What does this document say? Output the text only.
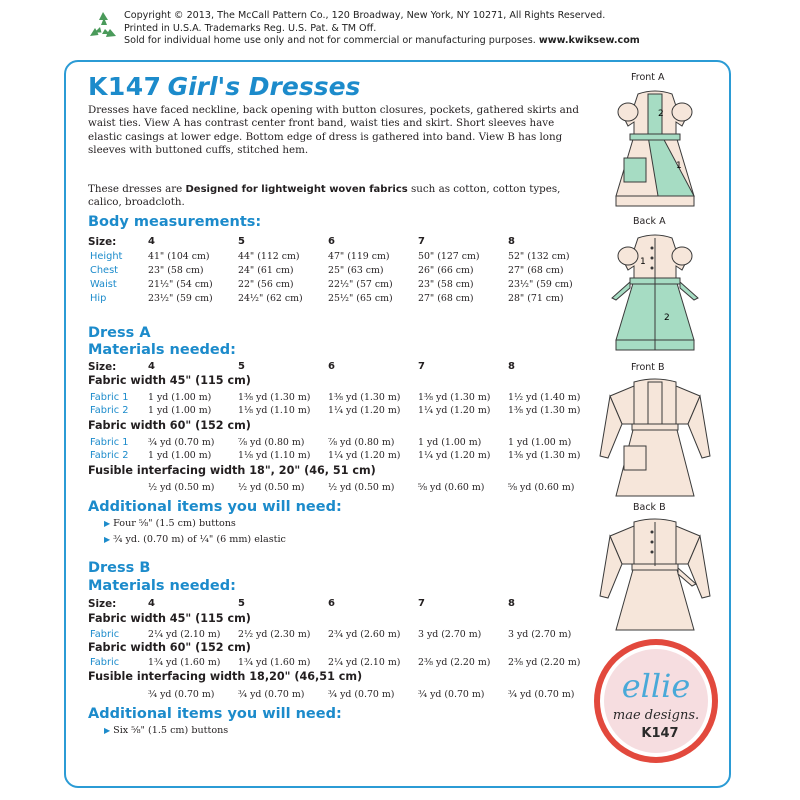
Copyright © 2013, The McCall Pattern Co., 120 Broadway, New York, NY 10271, All Rights Reserved.
Printed in U.S.A. Trademarks Reg. U.S. Pat. & TM Off.
Sold for individual home use only and not for commercial or manufacturing purposes. www.kwiksew.com
K147 Girl's Dresses
Dresses have faced neckline, back opening with button closures, pockets, gathered skirts and waist ties. View A has contrast center front band, waist ties and skirt. Short sleeves have elastic casings at lower edge. Bottom edge of dress is gathered into band. View B has long sleeves with buttoned cuffs, stitched hem.
These dresses are Designed for lightweight woven fabrics such as cotton, cotton types, calico, broadcloth.
Body measurements:
Size:	4	5	6	7	8
Height	41" (104 cm)	44" (112 cm)	47" (119 cm)	50" (127 cm)	52" (132 cm)
Chest	23" (58 cm)	24" (61 cm)	25" (63 cm)	26" (66 cm)	27" (68 cm)
Waist	21½" (54 cm)	22" (56 cm)	22½" (57 cm)	23" (58 cm)	23½" (59 cm)
Hip	23½" (59 cm)	24½" (62 cm)	25½" (65 cm)	27" (68 cm)	28" (71 cm)
Dress A
Materials needed:
Size:	4	5	6	7	8
Fabric width 45" (115 cm)
Fabric 1 1 yd (1.00 m)	1³⁄₈ yd (1.30 m) 1³⁄₈ yd (1.30 m) 1³⁄₈ yd (1.30 m) 1½ yd (1.40 m)
Fabric 2 1 yd (1.00 m)	1¹⁄₈ yd (1.10 m) 1¼ yd (1.20 m) 1¼ yd (1.20 m) 1³⁄₈ yd (1.30 m)
Fabric width 60" (152 cm)
Fabric 1 ¾ yd (0.70 m)	⁷⁄₈ yd (0.80 m)	⁷⁄₈ yd (0.80 m)	1 yd (1.00 m)	1 yd (1.00 m)
Fabric 2 1 yd (1.00 m)	1¹⁄₈ yd (1.10 m) 1¼ yd (1.20 m) 1¼ yd (1.20 m) 1³⁄₈ yd (1.30 m)
Fusible interfacing width 18", 20" (46, 51 cm)
½ yd (0.50 m)	½ yd (0.50 m)	½ yd (0.50 m)	⁵⁄₈ yd (0.60 m)	⁵⁄₈ yd (0.60 m)
Additional items you will need:
▶ Four ⁵⁄₈" (1.5 cm) buttons
▶ ¾ yd. (0.70 m) of ¼" (6 mm) elastic
Dress B
Materials needed:
Size:	4	5	6	7	8
Fabric width 45" (115 cm)
Fabric	2¼ yd (2.10 m) 2½ yd (2.30 m) 2¾ yd (2.60 m) 3 yd (2.70 m)	3 yd (2.70 m)
Fabric width 60" (152 cm)
Fabric	1¾ yd (1.60 m) 1¾ yd (1.60 m) 2¼ yd (2.10 m) 2³⁄₈ yd (2.20 m) 2³⁄₈ yd (2.20 m)
Fusible interfacing width 18,20" (46,51 cm)
¾ yd (0.70 m)	¾ yd (0.70 m)	¾ yd (0.70 m)	¾ yd (0.70 m)	¾ yd (0.70 m)
Additional items you will need:
▶ Six ⁵⁄₈" (1.5 cm) buttons
Front A
Back A
Front B
Back B
2
1
1
2
ellie
mae designs.
K147
